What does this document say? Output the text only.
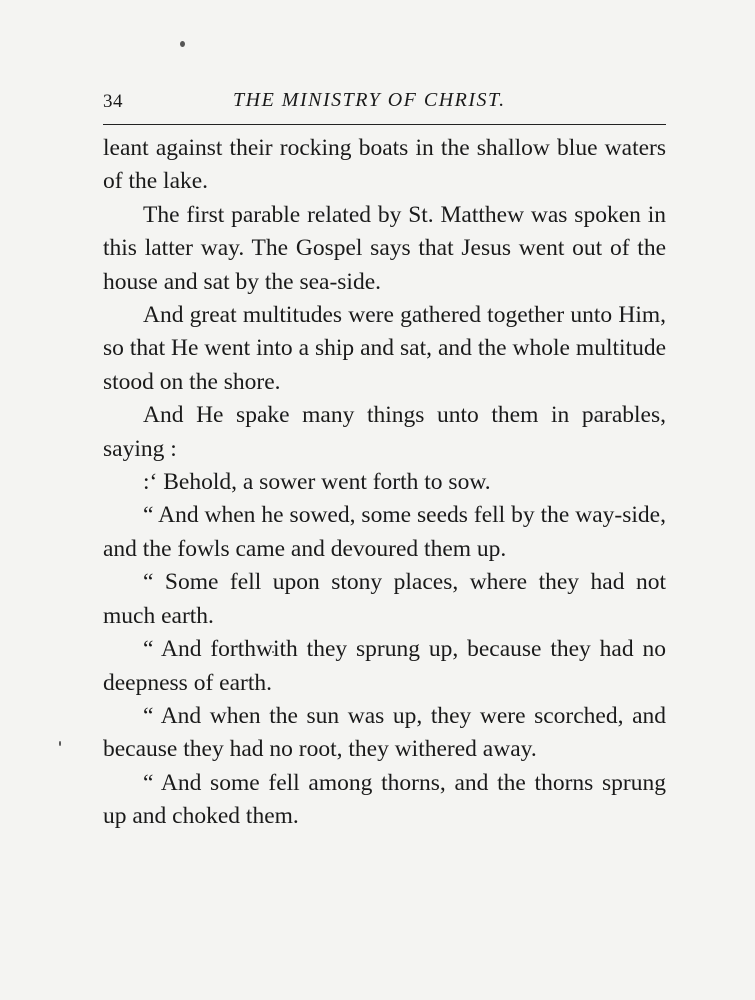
34	THE MINISTRY OF CHRIST.

leant against their rocking boats in the shallow blue waters of the lake.

The first parable related by St. Matthew was spoken in this latter way. The Gospel says that Jesus went out of the house and sat by the sea-side.

And great multitudes were gathered together unto Him, so that He went into a ship and sat, and the whole multitude stood on the shore.

And He spake many things unto them in parables, saying :

:‘ Behold, a sower went forth to sow.

“ And when he sowed, some seeds fell by the way-side, and the fowls came and devoured them up.

“ Some fell upon stony places, where they had not much earth.

“ And forthwith they sprung up, because they had no deepness of earth.

“ And when the sun was up, they were scorched, and because they had no root, they withered away.

“ And some fell among thorns, and the thorns sprung up and choked them.
